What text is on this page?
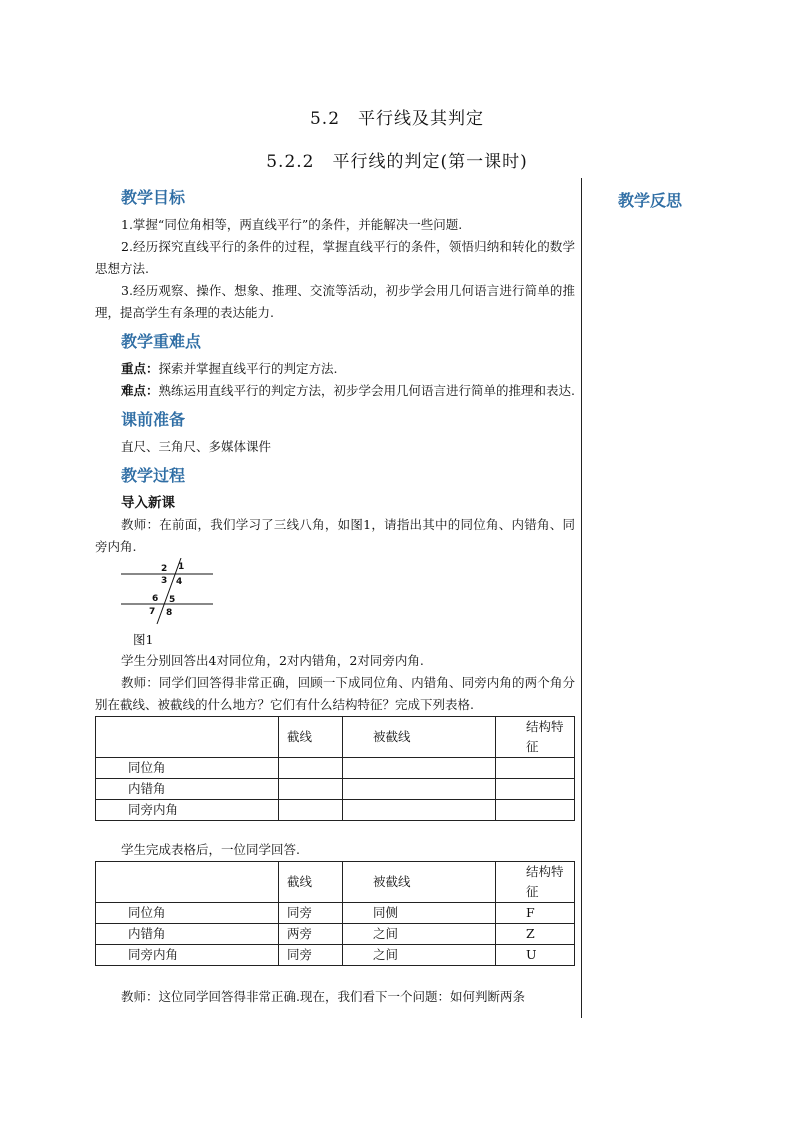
5.2　平行线及其判定
5.2.2　平行线的判定(第一课时)
教学反思
教学目标

1.掌握“同位角相等，两直线平行”的条件，并能解决一些问题.

2.经历探究直线平行的条件的过程，掌握直线平行的条件，领悟归纳和转化的数学思想方法.

3.经历观察、操作、想象、推理、交流等活动，初步学会用几何语言进行简单的推理，提高学生有条理的表达能力.

教学重难点

重点：探索并掌握直线平行的判定方法.

难点：熟练运用直线平行的判定方法，初步学会用几何语言进行简单的推理和表达.

课前准备

直尺、三角尺、多媒体课件

教学过程
导入新课

教师：在前面，我们学习了三线八角，如图1，请指出其中的同位角、内错角、同旁内角.

1
2
3 4
5
6
7 8
图1

学生分别回答出4对同位角，2对内错角，2对同旁内角.

教师：同学们回答得非常正确，回顾一下成同位角、内错角、同旁内角的两个角分别在截线、被截线的什么地方？它们有什么结构特征？完成下列表格.

	截线	被截线	结构特征
同位角			
内错角			
同旁内角			

学生完成表格后，一位同学回答.

	截线	被截线	结构特征
同位角	同旁	同侧	F
内错角	两旁	之间	Z
同旁内角	同旁	之间	U

教师：这位同学回答得非常正确.现在，我们看下一个问题：如何判断两条
